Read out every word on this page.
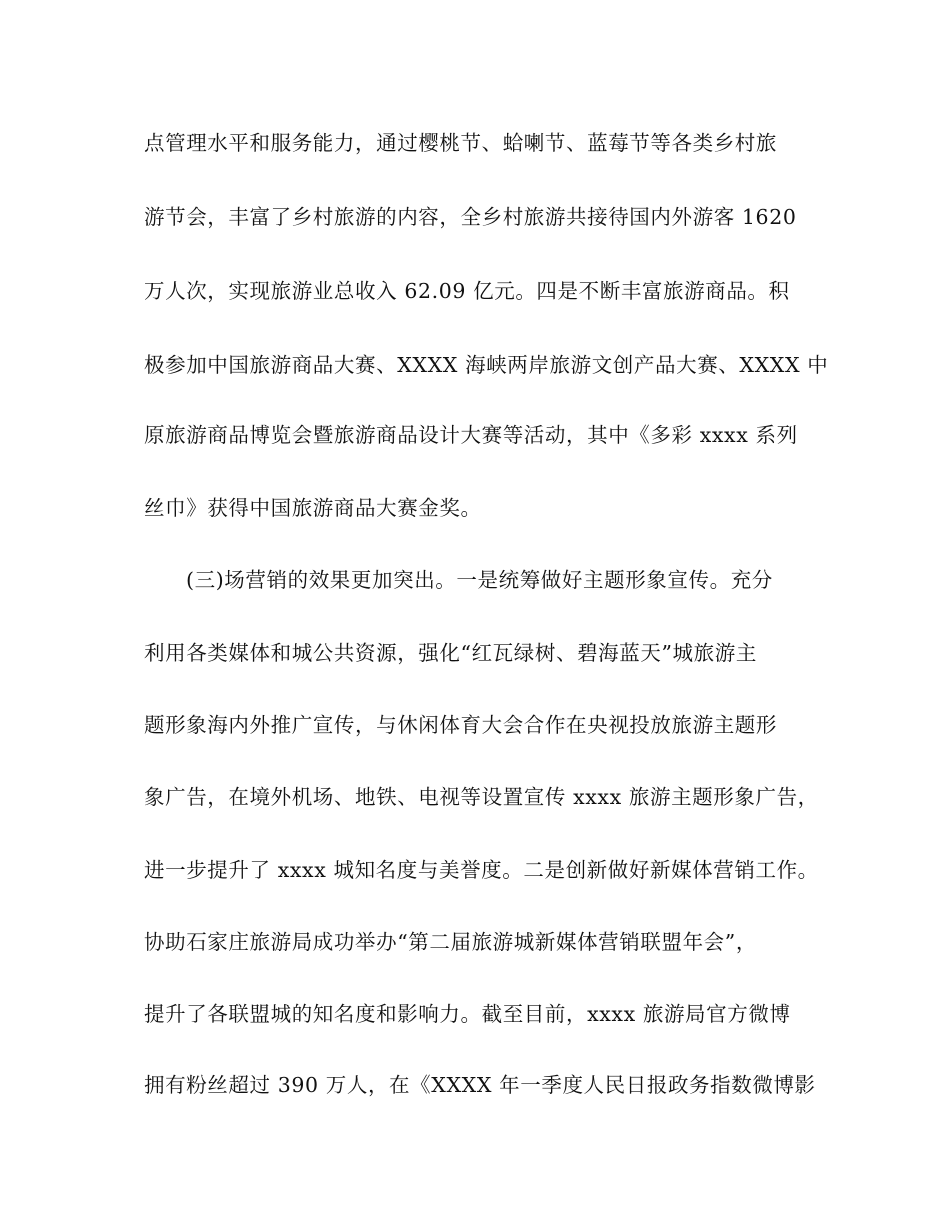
点管理水平和服务能力，通过樱桃节、蛤喇节、蓝莓节等各类乡村旅
游节会，丰富了乡村旅游的内容，全乡村旅游共接待国内外游客 1620
万人次，实现旅游业总收入 62.09 亿元。四是不断丰富旅游商品。积
极参加中国旅游商品大赛、XXXX 海峡两岸旅游文创产品大赛、XXXX 中
原旅游商品博览会暨旅游商品设计大赛等活动，其中《多彩 xxxx 系列
丝巾》获得中国旅游商品大赛金奖。
(三)场营销的效果更加突出。一是统筹做好主题形象宣传。充分
利用各类媒体和城公共资源，强化“红瓦绿树、碧海蓝天”城旅游主
题形象海内外推广宣传，与休闲体育大会合作在央视投放旅游主题形
象广告，在境外机场、地铁、电视等设置宣传 xxxx 旅游主题形象广告，
进一步提升了 xxxx 城知名度与美誉度。二是创新做好新媒体营销工作。
协助石家庄旅游局成功举办“第二届旅游城新媒体营销联盟年会”，
提升了各联盟城的知名度和影响力。截至目前，xxxx 旅游局官方微博
拥有粉丝超过 390 万人，在《XXXX 年一季度人民日报政务指数微博影
